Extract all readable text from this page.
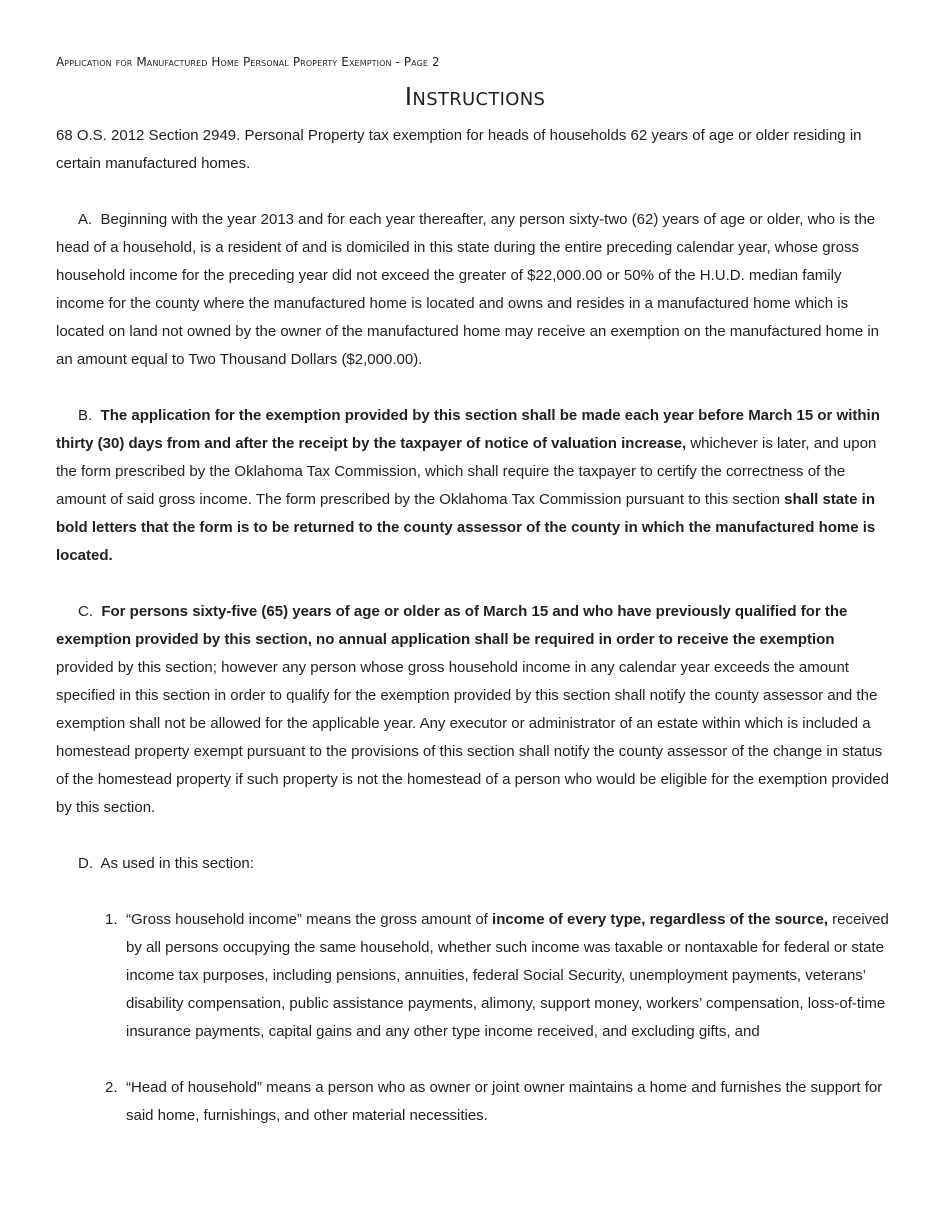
Application for Manufactured Home Personal Property Exemption - Page 2
Instructions

68 O.S. 2012 Section 2949. Personal Property tax exemption for heads of households 62 years of age or older residing in certain manufactured homes.

A. Beginning with the year 2013 and for each year thereafter, any person sixty-two (62) years of age or older, who is the head of a household, is a resident of and is domiciled in this state during the entire preceding calendar year, whose gross household income for the preceding year did not exceed the greater of $22,000.00 or 50% of the H.U.D. median family income for the county where the manufactured home is located and owns and resides in a manufactured home which is located on land not owned by the owner of the manufactured home may receive an exemption on the manufactured home in an amount equal to Two Thousand Dollars ($2,000.00).

B. The application for the exemption provided by this section shall be made each year before March 15 or within thirty (30) days from and after the receipt by the taxpayer of notice of valuation increase, whichever is later, and upon the form prescribed by the Oklahoma Tax Commission, which shall require the taxpayer to certify the correctness of the amount of said gross income. The form prescribed by the Oklahoma Tax Commission pursuant to this section shall state in bold letters that the form is to be returned to the county assessor of the county in which the manufactured home is located.

C. For persons sixty-five (65) years of age or older as of March 15 and who have previously qualified for the exemption provided by this section, no annual application shall be required in order to receive the exemption provided by this section; however any person whose gross household income in any calendar year exceeds the amount specified in this section in order to qualify for the exemption provided by this section shall notify the county assessor and the exemption shall not be allowed for the applicable year. Any executor or administrator of an estate within which is included a homestead property exempt pursuant to the provisions of this section shall notify the county assessor of the change in status of the homestead property if such property is not the homestead of a person who would be eligible for the exemption provided by this section.

D. As used in this section:

1. “Gross household income” means the gross amount of income of every type, regardless of the source, received by all persons occupying the same household, whether such income was taxable or nontaxable for federal or state income tax purposes, including pensions, annuities, federal Social Security, unemployment payments, veterans’ disability compensation, public assistance payments, alimony, support money, workers’ compensation, loss-of-time insurance payments, capital gains and any other type income received, and excluding gifts, and
2. “Head of household” means a person who as owner or joint owner maintains a home and furnishes the support for said home, furnishings, and other material necessities.
